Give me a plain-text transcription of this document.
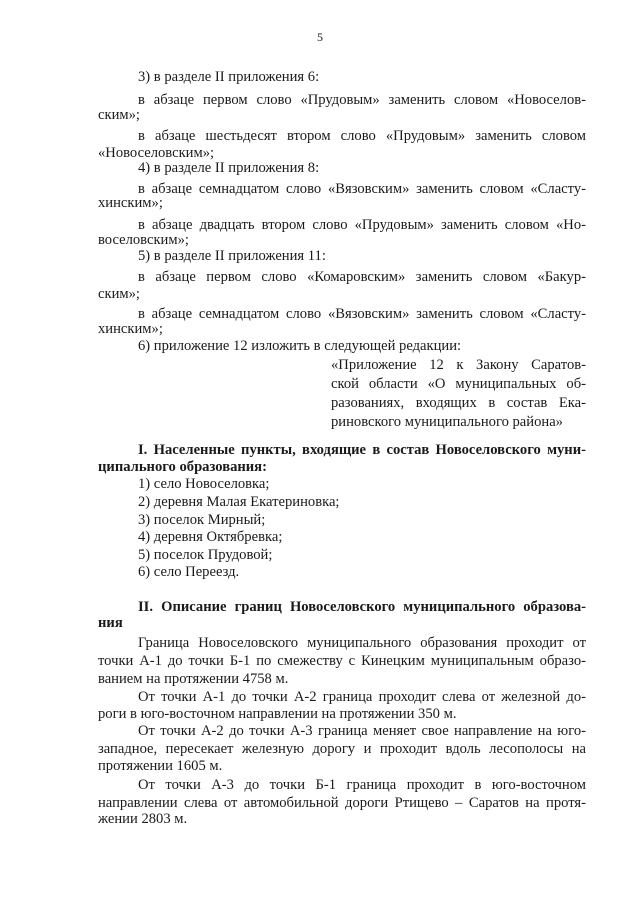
5
3) в разделе II приложения 6:
в абзаце первом слово «Прудовым» заменить словом «Новоселов-
ским»;
в абзаце шестьдесят втором слово «Прудовым» заменить словом
«Новоселовским»;
4) в разделе II приложения 8:
в абзаце семнадцатом слово «Вязовским» заменить словом «Сласту-
хинским»;
в абзаце двадцать втором слово «Прудовым» заменить словом «Но-
воселовским»;
5) в разделе II приложения 11:
в абзаце первом слово «Комаровским» заменить словом «Бакур-
ским»;
в абзаце семнадцатом слово «Вязовским» заменить словом «Сласту-
хинским»;
6) приложение 12 изложить в следующей редакции:
«Приложение 12 к Закону Саратов-
ской области «О муниципальных об-
разованиях, входящих в состав Ека-
риновского муниципального района»
I. Населенные пункты, входящие в состав Новоселовского муни-
ципального образования:
1) село Новоселовка;
2) деревня Малая Екатериновка;
3) поселок Мирный;
4) деревня Октябревка;
5) поселок Прудовой;
6) село Переезд.
II. Описание границ Новоселовского муниципального образова-
ния
Граница Новоселовского муниципального образования проходит от
точки А-1 до точки Б-1 по смежеству с Кинецким муниципальным образо-
ванием на протяжении 4758 м.
От точки А-1 до точки А-2 граница проходит слева от железной до-
роги в юго-восточном направлении на протяжении 350 м.
От точки А-2 до точки А-3 граница меняет свое направление на юго-
западное, пересекает железную дорогу и проходит вдоль лесополосы на
протяжении 1605 м.
От точки А-3 до точки Б-1 граница проходит в юго-восточном
направлении слева от автомобильной дороги Ртищево – Саратов на протя-
жении 2803 м.
